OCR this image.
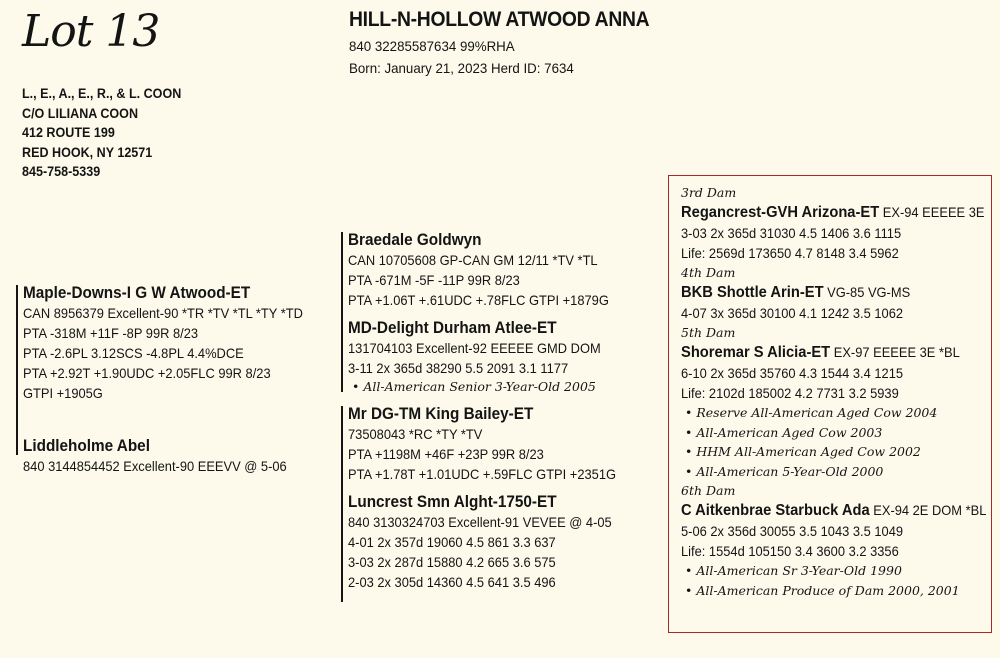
Lot 13	HILL-N-HOLLOW ATWOOD ANNA
840 32285587634 99%RHA
Born: January 21, 2023 Herd ID: 7634
L., E., A., E., R., & L. COON
C/O LILIANA COON
412 ROUTE 199
RED HOOK, NY 12571
845-758-5339
Maple-Downs-I G W Atwood-ET
CAN 8956379 Excellent-90 *TR *TV *TL *TY *TD
PTA -318M +11F -8P 99R 8/23
PTA -2.6PL 3.12SCS -4.8PL 4.4%DCE
PTA +2.92T +1.90UDC +2.05FLC 99R 8/23
GTPI +1905G
Liddleholme Abel
840 3144854452 Excellent-90 EEEVV @ 5-06
Braedale Goldwyn
CAN 10705608 GP-CAN GM 12/11 *TV *TL
PTA -671M -5F -11P 99R 8/23
PTA +1.06T +.61UDC +.78FLC GTPI +1879G
MD-Delight Durham Atlee-ET
131704103 Excellent-92 EEEEE GMD DOM
3-11 2x 365d 38290 5.5 2091 3.1 1177
• All-American Senior 3-Year-Old 2005
Mr DG-TM King Bailey-ET
73508043 *RC *TY *TV
PTA +1198M +46F +23P 99R 8/23
PTA +1.78T +1.01UDC +.59FLC GTPI +2351G
Luncrest Smn Alght-1750-ET
840 3130324703 Excellent-91 VEVEE @ 4-05
4-01 2x 357d 19060 4.5 861 3.3 637
3-03 2x 287d 15880 4.2 665 3.6 575
2-03 2x 305d 14360 4.5 641 3.5 496
3rd Dam
Regancrest-GVH Arizona-ET EX-94 EEEEE 3E
3-03 2x 365d 31030 4.5 1406 3.6 1115
Life: 2569d 173650 4.7 8148 3.4 5962
4th Dam
BKB Shottle Arin-ET VG-85 VG-MS
4-07 3x 365d 30100 4.1 1242 3.5 1062
5th Dam
Shoremar S Alicia-ET EX-97 EEEEE 3E *BL
6-10 2x 365d 35760 4.3 1544 3.4 1215
Life: 2102d 185002 4.2 7731 3.2 5939
• Reserve All-American Aged Cow 2004
• All-American Aged Cow 2003
• HHM All-American Aged Cow 2002
• All-American 5-Year-Old 2000
6th Dam
C Aitkenbrae Starbuck Ada EX-94 2E DOM *BL
5-06 2x 356d 30055 3.5 1043 3.5 1049
Life: 1554d 105150 3.4 3600 3.2 3356
• All-American Sr 3-Year-Old 1990
• All-American Produce of Dam 2000, 2001
